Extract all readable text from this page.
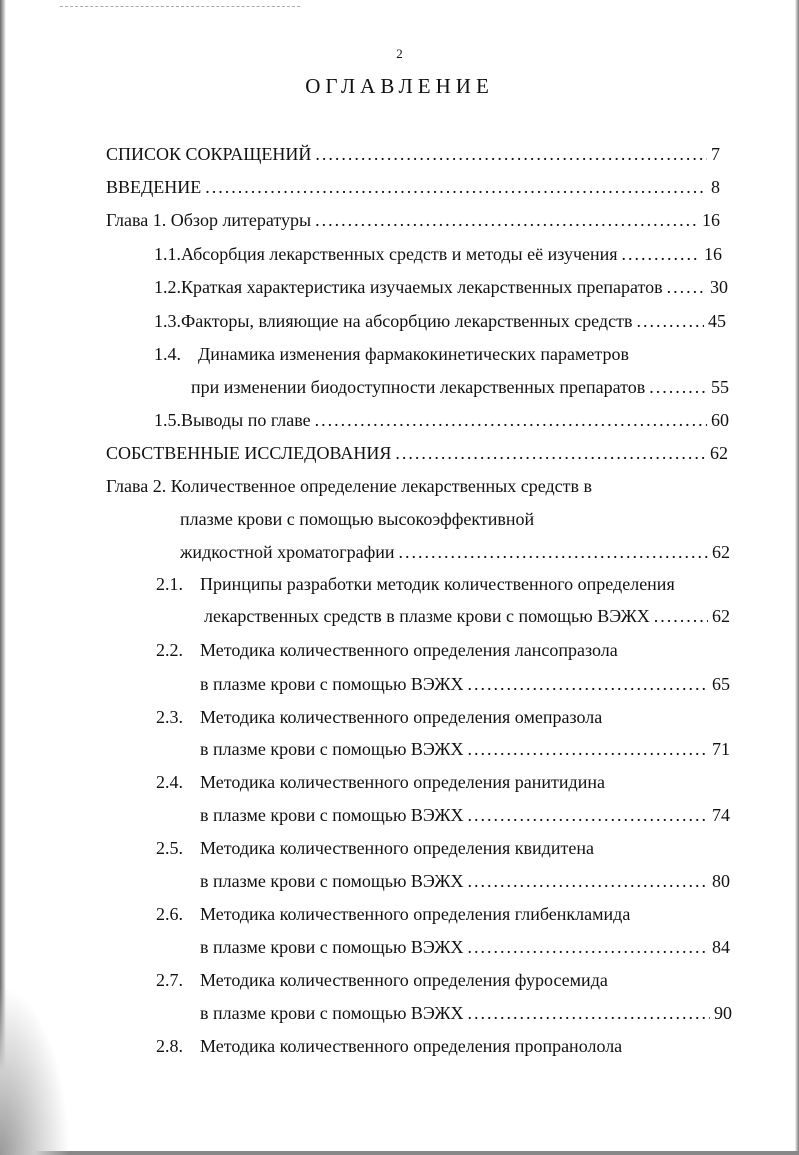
2
ОГЛАВЛЕНИЕ
СПИСОК СОКРАЩЕНИЙ .....	7
ВВЕДЕНИЕ .....	8
Глава 1. Обзор литературы .....	16
1.1. Абсорбция лекарственных средств и методы её изучения .....	16
1.2. Краткая характеристика изучаемых лекарственных препаратов .....	30
1.3. Факторы, влияющие на абсорбцию лекарственных средств .....	45
1.4. Динамика изменения фармакокинетических параметров
при изменении биодоступности лекарственных препаратов .....	55
1.5. Выводы по главе .....	60
СОБСТВЕННЫЕ ИССЛЕДОВАНИЯ .....	62
Глава 2. Количественное определение лекарственных средств в
плазме крови с помощью высокоэффективной
жидкостной хроматографии .....	62
2.1. Принципы разработки методик количественного определения
лекарственных средств в плазме крови с помощью ВЭЖХ .....	62
2.2. Методика количественного определения лансопразола
в плазме крови с помощью ВЭЖХ .....	65
2.3. Методика количественного определения омепразола
в плазме крови с помощью ВЭЖХ .....	71
2.4. Методика количественного определения ранитидина
в плазме крови с помощью ВЭЖХ .....	74
2.5. Методика количественного определения квидитена
в плазме крови с помощью ВЭЖХ .....	80
2.6. Методика количественного определения глибенкламида
в плазме крови с помощью ВЭЖХ .....	84
2.7. Методика количественного определения фуросемида
в плазме крови с помощью ВЭЖХ .....	90
2.8. Методика количественного определения пропранолола
